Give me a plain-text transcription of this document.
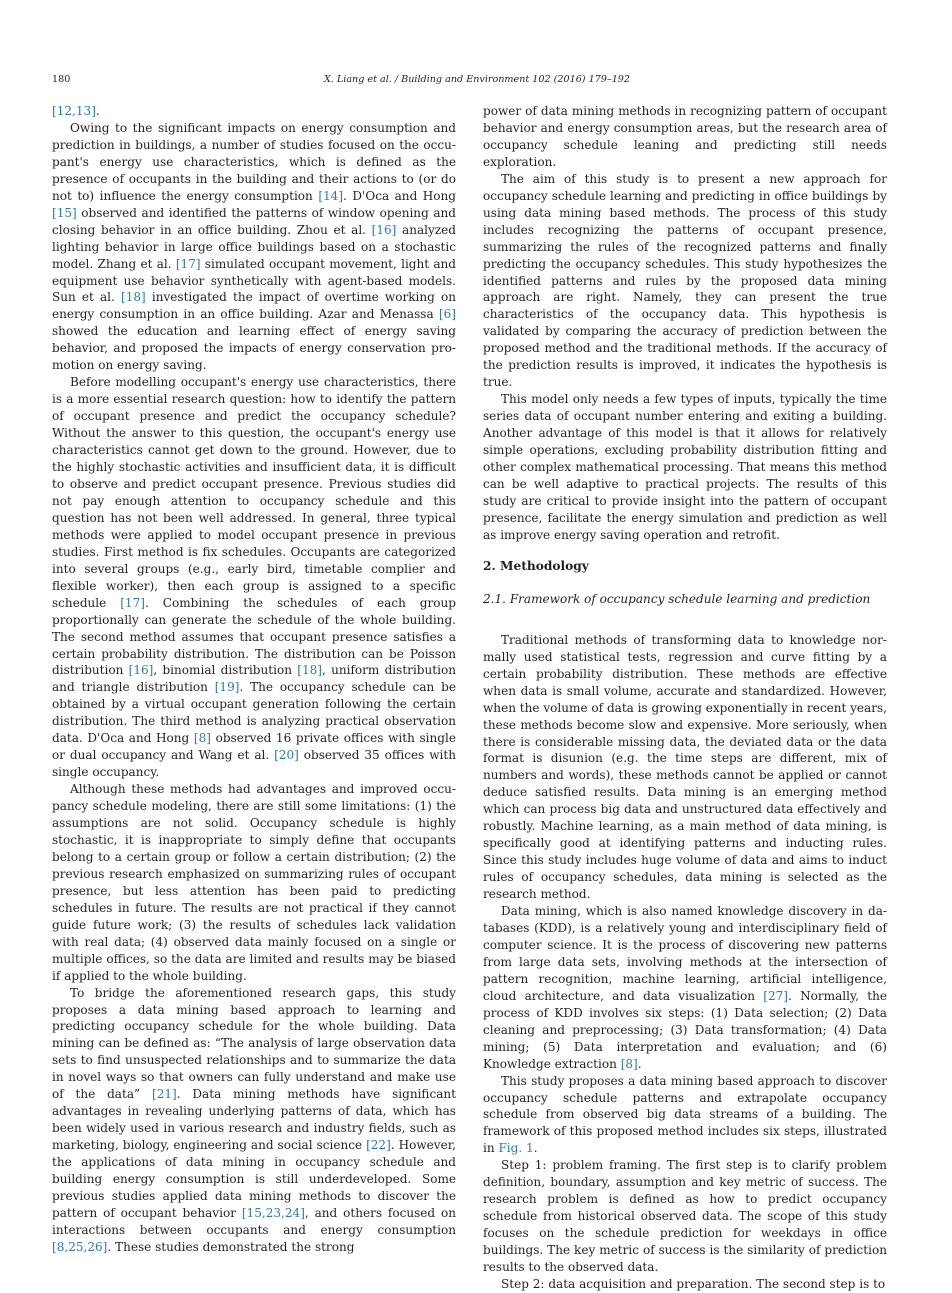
180	X. Liang et al. / Building and Environment 102 (2016) 179–192

[12,13].

Owing to the significant impacts on energy consumption and prediction in buildings, a number of studies focused on the occupant's energy use characteristics, which is defined as the presence of occupants in the building and their actions to (or do not to) influence the energy consumption [14]. D'Oca and Hong [15] observed and identified the patterns of window opening and closing behavior in an office building. Zhou et al. [16] analyzed lighting behavior in large office buildings based on a stochastic model. Zhang et al. [17] simulated occupant movement, light and equipment use behavior synthetically with agent-based models. Sun et al. [18] investigated the impact of overtime working on energy consumption in an office building. Azar and Menassa [6] showed the education and learning effect of energy saving behavior, and proposed the impacts of energy conservation promotion on energy saving.

Before modelling occupant's energy use characteristics, there is a more essential research question: how to identify the pattern of occupant presence and predict the occupancy schedule? Without the answer to this question, the occupant's energy use characteristics cannot get down to the ground. However, due to the highly stochastic activities and insufficient data, it is difficult to observe and predict occupant presence. Previous studies did not pay enough attention to occupancy schedule and this question has not been well addressed. In general, three typical methods were applied to model occupant presence in previous studies. First method is fix schedules. Occupants are categorized into several groups (e.g., early bird, timetable complier and flexible worker), then each group is assigned to a specific schedule [17]. Combining the schedules of each group proportionally can generate the schedule of the whole building. The second method assumes that occupant presence satisfies a certain probability distribution. The distribution can be Poisson distribution [16], binomial distribution [18], uniform distribution and triangle distribution [19]. The occupancy schedule can be obtained by a virtual occupant generation following the certain distribution. The third method is analyzing practical observation data. D'Oca and Hong [8] observed 16 private offices with single or dual occupancy and Wang et al. [20] observed 35 offices with single occupancy.

Although these methods had advantages and improved occupancy schedule modeling, there are still some limitations: (1) the assumptions are not solid. Occupancy schedule is highly stochastic, it is inappropriate to simply define that occupants belong to a certain group or follow a certain distribution; (2) the previous research emphasized on summarizing rules of occupant presence, but less attention has been paid to predicting schedules in future. The results are not practical if they cannot guide future work; (3) the results of schedules lack validation with real data; (4) observed data mainly focused on a single or multiple offices, so the data are limited and results may be biased if applied to the whole building.

To bridge the aforementioned research gaps, this study proposes a data mining based approach to learning and predicting occupancy schedule for the whole building. Data mining can be defined as: “The analysis of large observation data sets to find unsuspected relationships and to summarize the data in novel ways so that owners can fully understand and make use of the data” [21]. Data mining methods have significant advantages in revealing underlying patterns of data, which has been widely used in various research and industry fields, such as marketing, biology, engineering and social science [22]. However, the applications of data mining in occupancy schedule and building energy consumption is still underdeveloped. Some previous studies applied data mining methods to discover the pattern of occupant behavior [15,23,24], and others focused on interactions between occupants and energy consumption [8,25,26]. These studies demonstrated the strong

power of data mining methods in recognizing pattern of occupant behavior and energy consumption areas, but the research area of occupancy schedule leaning and predicting still needs exploration.

The aim of this study is to present a new approach for occupancy schedule learning and predicting in office buildings by using data mining based methods. The process of this study includes recognizing the patterns of occupant presence, summarizing the rules of the recognized patterns and finally predicting the occupancy schedules. This study hypothesizes the identified patterns and rules by the proposed data mining approach are right. Namely, they can present the true characteristics of the occupancy data. This hypothesis is validated by comparing the accuracy of prediction between the proposed method and the traditional methods. If the accuracy of the prediction results is improved, it indicates the hypothesis is true.

This model only needs a few types of inputs, typically the time series data of occupant number entering and exiting a building. Another advantage of this model is that it allows for relatively simple operations, excluding probability distribution fitting and other complex mathematical processing. That means this method can be well adaptive to practical projects. The results of this study are critical to provide insight into the pattern of occupant presence, facilitate the energy simulation and prediction as well as improve energy saving operation and retrofit.

2. Methodology
2.1. Framework of occupancy schedule learning and prediction

Traditional methods of transforming data to knowledge normally used statistical tests, regression and curve fitting by a certain probability distribution. These methods are effective when data is small volume, accurate and standardized. However, when the volume of data is growing exponentially in recent years, these methods become slow and expensive. More seriously, when there is considerable missing data, the deviated data or the data format is disunion (e.g. the time steps are different, mix of numbers and words), these methods cannot be applied or cannot deduce satisfied results. Data mining is an emerging method which can process big data and unstructured data effectively and robustly. Machine learning, as a main method of data mining, is specifically good at identifying patterns and inducting rules. Since this study includes huge volume of data and aims to induct rules of occupancy schedules, data mining is selected as the research method.

Data mining, which is also named knowledge discovery in databases (KDD), is a relatively young and interdisciplinary field of computer science. It is the process of discovering new patterns from large data sets, involving methods at the intersection of pattern recognition, machine learning, artificial intelligence, cloud architecture, and data visualization [27]. Normally, the process of KDD involves six steps: (1) Data selection; (2) Data cleaning and preprocessing; (3) Data transformation; (4) Data mining; (5) Data interpretation and evaluation; and (6) Knowledge extraction [8].

This study proposes a data mining based approach to discover occupancy schedule patterns and extrapolate occupancy schedule from observed big data streams of a building. The framework of this proposed method includes six steps, illustrated in Fig. 1.

Step 1: problem framing. The first step is to clarify problem definition, boundary, assumption and key metric of success. The research problem is defined as how to predict occupancy schedule from historical observed data. The scope of this study focuses on the schedule prediction for weekdays in office buildings. The key metric of success is the similarity of prediction results to the observed data.

Step 2: data acquisition and preparation. The second step is to
